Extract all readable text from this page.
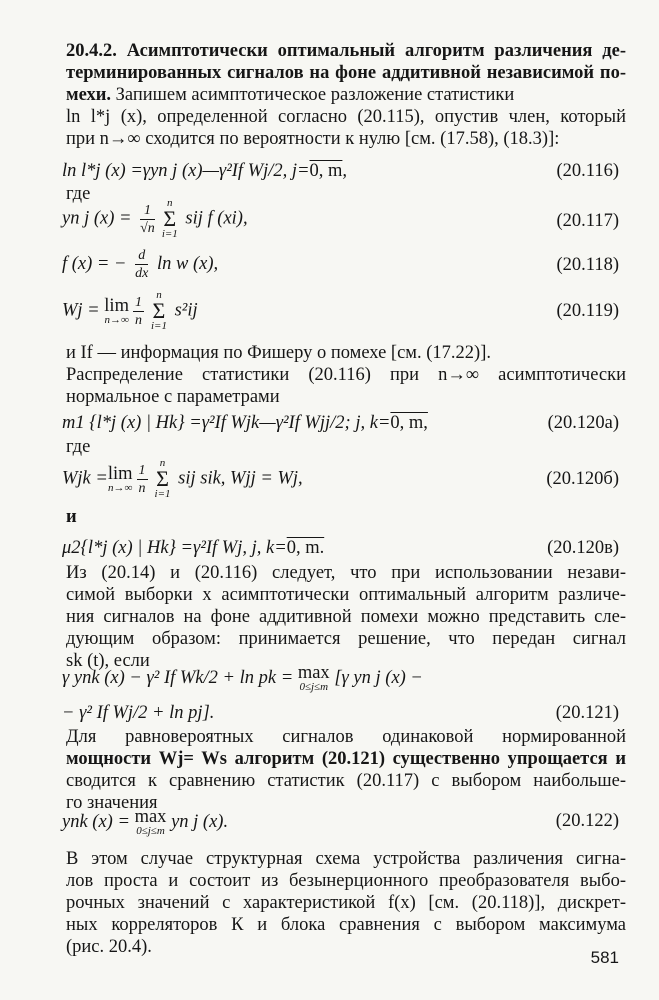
20.4.2. Асимптотически оптимальный алгоритм различения де-
терминированных сигналов на фоне аддитивной независимой по-
мехи. Запишем асимптотическое разложение статистики
ln l*j (x), определенной согласно (20.115), опустив член, который
при n→∞ сходится по вероятности к нулю [см. (17.58), (18.3)]:
ln l*j (x) =γyn j (x)—γ²If Wj/2, j=0, m,	(20.116)
где
yn j $(x) = \frac{1}{√n}$	n
Σ
i=1
sij f (xi),	(20.117)
f (x) = − $\frac{d}{dx}$ ln w (x),	(20.118)
Wj = lim
$n\to\infty \frac{1}{n}$	n
Σ
i=1
s²ij	(20.119)
и If — информация по Фишеру о помехе [см. (17.22)].
Распределение статистики (20.116) при n→∞ асимптотически
нормальное с параметрами
m1 {l*j (x) | Hk} =γ²If Wjk—γ²If Wjj/2; j, k=0, m,	(20.120а)
где
Wjk = lim
$n\to\infty \frac{1}{n}$	n
Σ
i=1
sij sik, Wjj = Wj,	(20.120б)
и
μ2{l*j (x) | Hk} =γ²If Wj, j, k=0, m.	(20.120в)
Из (20.14) и (20.116) следует, что при использовании незави-
симой выборки x асимптотически оптимальный алгоритм различе-
ния сигналов на фоне аддитивной помехи можно представить сле-
дующим образом: принимается решение, что передан сигнал
sk (t), если
γ ynk (x) − γ² If Wk/2 + ln pk = max
0≤j≤m [γ yn j (x) −
− γ² If Wj/2 + ln pj].	(20.121)
Для равновероятных сигналов одинаковой нормированной
мощности Wj= Ws алгоритм (20.121) существенно упрощается и
сводится к сравнению статистик (20.117) с выбором наибольше-
го значения
ynk (x) = max
0≤j≤m yn j (x).	(20.122)
В этом случае структурная схема устройства различения сигна-
лов проста и состоит из безынерционного преобразователя выбо-
рочных значений с характеристикой f(x) [см. (20.118)], дискрет-
ных корреляторов К и блока сравнения с выбором максимума
(рис. 20.4).
581
